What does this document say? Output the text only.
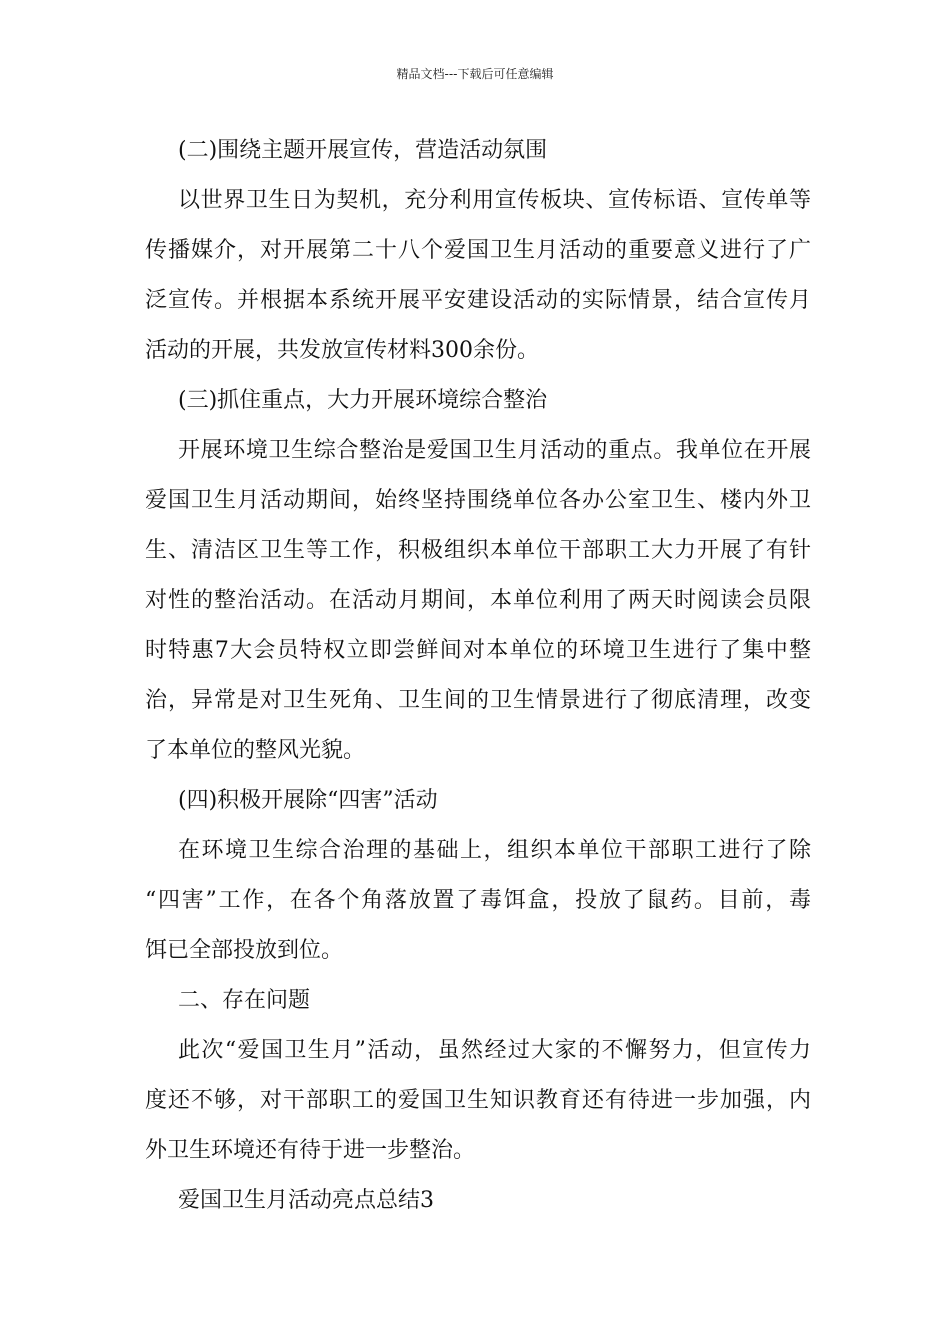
精品文档---下载后可任意编辑
(二)围绕主题开展宣传，营造活动氛围
以世界卫生日为契机，充分利用宣传板块、宣传标语、宣传单等
传播媒介，对开展第二十八个爱国卫生月活动的重要意义进行了广
泛宣传。并根据本系统开展平安建设活动的实际情景，结合宣传月
活动的开展，共发放宣传材料300余份。
(三)抓住重点，大力开展环境综合整治
开展环境卫生综合整治是爱国卫生月活动的重点。我单位在开展
爱国卫生月活动期间，始终坚持围绕单位各办公室卫生、楼内外卫
生、清洁区卫生等工作，积极组织本单位干部职工大力开展了有针
对性的整治活动。在活动月期间，本单位利用了两天时阅读会员限
时特惠7大会员特权立即尝鲜间对本单位的环境卫生进行了集中整
治，异常是对卫生死角、卫生间的卫生情景进行了彻底清理，改变
了本单位的整风光貌。
(四)积极开展除“四害”活动
在环境卫生综合治理的基础上，组织本单位干部职工进行了除
“四害”工作，在各个角落放置了毒饵盒，投放了鼠药。目前，毒
饵已全部投放到位。
二、存在问题
此次“爱国卫生月”活动，虽然经过大家的不懈努力，但宣传力
度还不够，对干部职工的爱国卫生知识教育还有待进一步加强，内
外卫生环境还有待于进一步整治。
爱国卫生月活动亮点总结3
